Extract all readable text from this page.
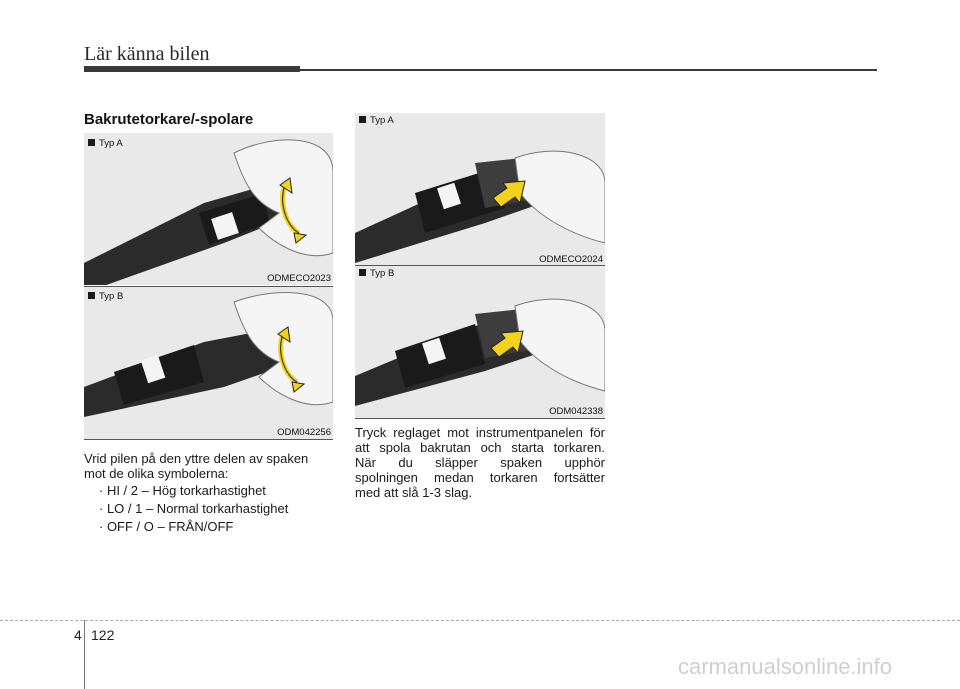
Lär känna bilen
Bakrutetorkare/-spolare
Typ A
ODMECO2023
Typ B
ODM042256
Typ A
ODMECO2024
Typ B
ODM042338
Vrid pilen på den yttre delen av spaken
mot de olika symbolerna:
· HI / 2 – Hög torkarhastighet
· LO / 1 – Normal torkarhastighet
· OFF / O – FRÅN/OFF
Tryck reglaget mot instrumentpanelen för
att spola bakrutan och starta torkaren.
När du släpper spaken upphör
spolningen medan torkaren fortsätter
med att slå 1-3 slag.
4 122
carmanualsonline.info
